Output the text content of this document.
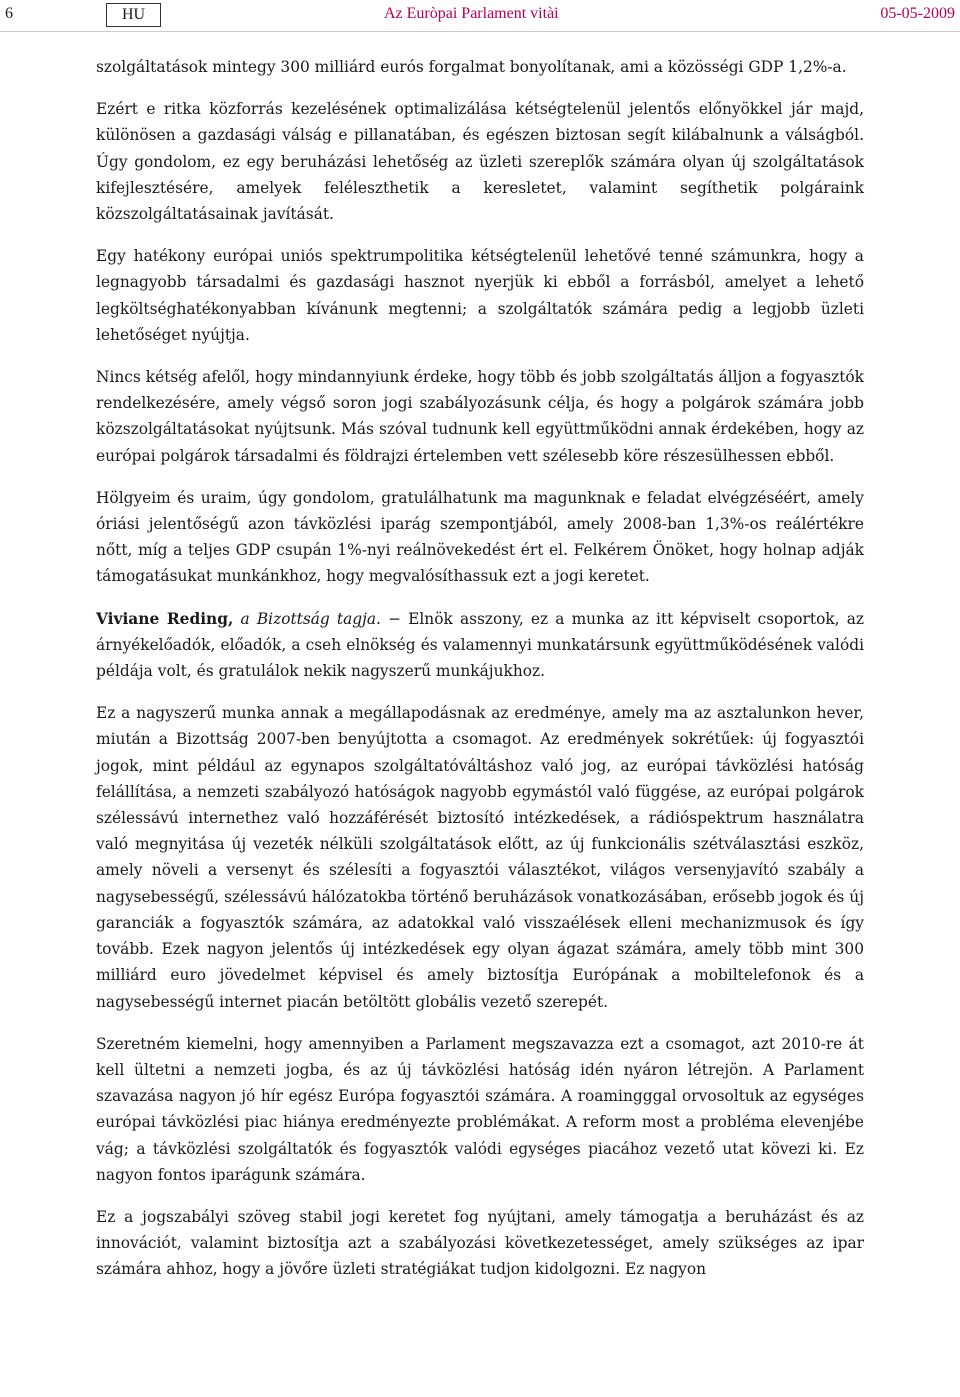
6	HU	Az Euròpai Parlament vitài	05-05-2009

szolgáltatások mintegy 300 milliárd eurós forgalmat bonyolítanak, ami a közösségi GDP 1,2%-a.

Ezért e ritka közforrás kezelésének optimalizálása kétségtelenül jelentős előnyökkel jár majd, különösen a gazdasági válság e pillanatában, és egészen biztosan segít kilábalnunk a válságból. Úgy gondolom, ez egy beruházási lehetőség az üzleti szereplők számára olyan új szolgáltatások kifejlesztésére, amelyek feléleszthetik a keresletet, valamint segíthetik polgáraink közszolgáltatásainak javítását.

Egy hatékony európai uniós spektrumpolitika kétségtelenül lehetővé tenné számunkra, hogy a legnagyobb társadalmi és gazdasági hasznot nyerjük ki ebből a forrásból, amelyet a lehető legköltséghatékonyabban kívánunk megtenni; a szolgáltatók számára pedig a legjobb üzleti lehetőséget nyújtja.

Nincs kétség afelől, hogy mindannyiunk érdeke, hogy több és jobb szolgáltatás álljon a fogyasztók rendelkezésére, amely végső soron jogi szabályozásunk célja, és hogy a polgárok számára jobb közszolgáltatásokat nyújtsunk. Más szóval tudnunk kell együttműködni annak érdekében, hogy az európai polgárok társadalmi és földrajzi értelemben vett szélesebb köre részesülhessen ebből.

Hölgyeim és uraim, úgy gondolom, gratulálhatunk ma magunknak e feladat elvégzéséért, amely óriási jelentőségű azon távközlési iparág szempontjából, amely 2008-ban 1,3%-os reálértékre nőtt, míg a teljes GDP csupán 1%-nyi reálnövekedést ért el. Felkérem Önöket, hogy holnap adják támogatásukat munkánkhoz, hogy megvalósíthassuk ezt a jogi keretet.

Viviane Reding, a Bizottság tagja. − Elnök asszony, ez a munka az itt képviselt csoportok, az árnyékelőadók, előadók, a cseh elnökség és valamennyi munkatársunk együttműködésének valódi példája volt, és gratulálok nekik nagyszerű munkájukhoz.

Ez a nagyszerű munka annak a megállapodásnak az eredménye, amely ma az asztalunkon hever, miután a Bizottság 2007-ben benyújtotta a csomagot. Az eredmények sokrétűek: új fogyasztói jogok, mint például az egynapos szolgáltatóváltáshoz való jog, az európai távközlési hatóság felállítása, a nemzeti szabályozó hatóságok nagyobb egymástól való függése, az európai polgárok szélessávú internethez való hozzáférését biztosító intézkedések, a rádióspektrum használatra való megnyitása új vezeték nélküli szolgáltatások előtt, az új funkcionális szétválasztási eszköz, amely növeli a versenyt és szélesíti a fogyasztói választékot, világos versenyjavító szabály a nagysebességű, szélessávú hálózatokba történő beruházások vonatkozásában, erősebb jogok és új garanciák a fogyasztók számára, az adatokkal való visszaélések elleni mechanizmusok és így tovább. Ezek nagyon jelentős új intézkedések egy olyan ágazat számára, amely több mint 300 milliárd euro jövedelmet képvisel és amely biztosítja Európának a mobiltelefonok és a nagysebességű internet piacán betöltött globális vezető szerepét.

Szeretném kiemelni, hogy amennyiben a Parlament megszavazza ezt a csomagot, azt 2010-re át kell ültetni a nemzeti jogba, és az új távközlési hatóság idén nyáron létrejön. A Parlament szavazása nagyon jó hír egész Európa fogyasztói számára. A roamingggal orvosoltuk az egységes európai távközlési piac hiánya eredményezte problémákat. A reform most a probléma elevenjébe vág; a távközlési szolgáltatók és fogyasztók valódi egységes piacához vezető utat kövezi ki. Ez nagyon fontos iparágunk számára.

Ez a jogszabályi szöveg stabil jogi keretet fog nyújtani, amely támogatja a beruházást és az innovációt, valamint biztosítja azt a szabályozási következetességet, amely szükséges az ipar számára ahhoz, hogy a jövőre üzleti stratégiákat tudjon kidolgozni. Ez nagyon
